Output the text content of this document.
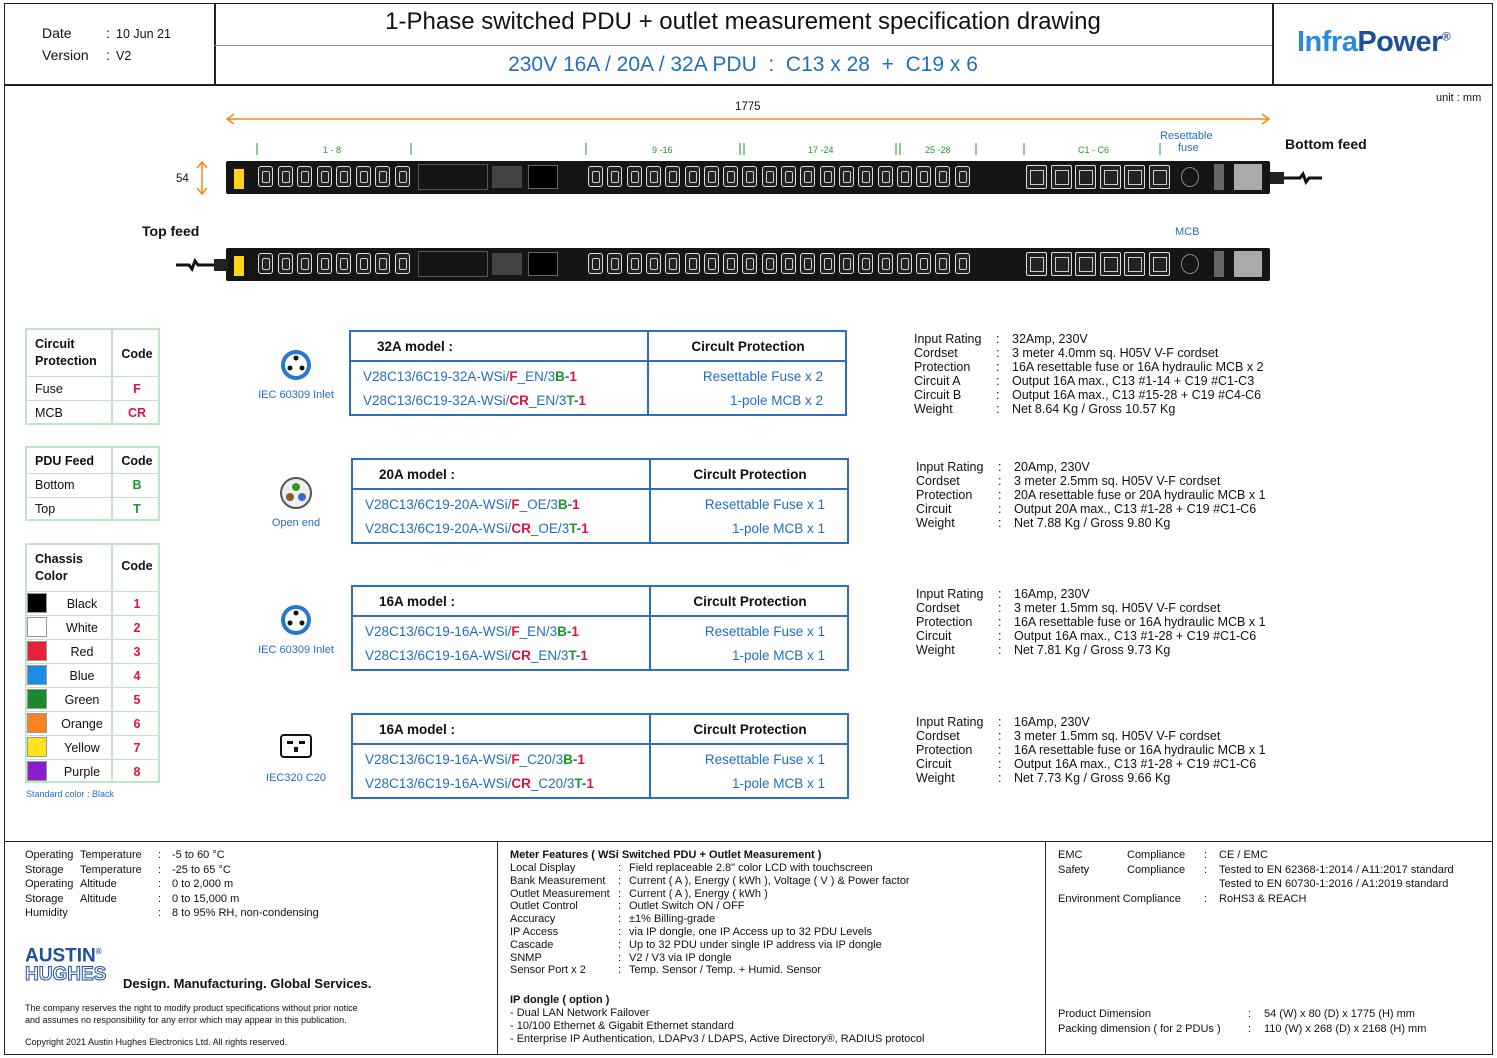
Date : 10 Jun 21
Version : V2
1-Phase switched PDU + outlet measurement specification drawing
230V 16A / 20A / 32A PDU  :  C13 x 28  +  C19 x 6
InfraPower®
unit : mm
1775
54
1 - 8	9 -16	17 -24	25 -28	C1 - C6
Resettable
fuse	Bottom feed
Top feed	MCB
Circuit
Protection	Code
Fuse	F
MCB	CR
PDU Feed	Code
Bottom	B
Top	T
Chassis
Color
Code
Black	1
White	2
Red	3
Blue	4
Green	5
Orange	6
Yellow	7
Purple	8
Standard color : Black
IEC 60309 Inlet
32A model :	Circult Protection
V28C13/6C19-32A-WSi/F_EN/3B-1	Resettable Fuse x 2
V28C13/6C19-32A-WSi/CR_EN/3T-1	1-pole MCB x 2
Input Rating : 32Amp, 230V
Cordset	: 3 meter 4.0mm sq. H05V V-F cordset
Protection : 16A resettable fuse or 16A hydraulic MCB x 2
Circuit A	: Output 16A max., C13 #1-14 + C19 #C1-C3
Circuit B	: Output 16A max., C13 #15-28 + C19 #C4-C6
Weight	: Net 8.64 Kg / Gross 10.57 Kg
Open end
20A model :	Circult Protection
V28C13/6C19-20A-WSi/F_OE/3B-1	Resettable Fuse x 1
V28C13/6C19-20A-WSi/CR_OE/3T-1	1-pole MCB x 1
Input Rating : 20Amp, 230V
Cordset	: 3 meter 2.5mm sq. H05V V-F cordset
Protection : 20A resettable fuse or 20A hydraulic MCB x 1
Circuit	: Output 20A max., C13 #1-28 + C19 #C1-C6
Weight	: Net 7.88 Kg / Gross 9.80 Kg
IEC 60309 Inlet
16A model :	Circult Protection
V28C13/6C19-16A-WSi/F_EN/3B-1	Resettable Fuse x 1
V28C13/6C19-16A-WSi/CR_EN/3T-1	1-pole MCB x 1
Input Rating : 16Amp, 230V
Cordset	: 3 meter 1.5mm sq. H05V V-F cordset
Protection : 16A resettable fuse or 16A hydraulic MCB x 1
Circuit	: Output 16A max., C13 #1-28 + C19 #C1-C6
Weight	: Net 7.81 Kg / Gross 9.73 Kg
IEC320 C20
16A model :	Circult Protection
V28C13/6C19-16A-WSi/F_C20/3B-1	Resettable Fuse x 1
V28C13/6C19-16A-WSi/CR_C20/3T-1	1-pole MCB x 1
Input Rating : 16Amp, 230V
Cordset	: 3 meter 1.5mm sq. H05V V-F cordset
Protection : 16A resettable fuse or 16A hydraulic MCB x 1
Circuit	: Output 16A max., C13 #1-28 + C19 #C1-C6
Weight	: Net 7.73 Kg / Gross 9.66 Kg
Operating Temperature : -5 to 60 °C
Storage Temperature : -25 to 65 °C
Operating Altitude	: 0 to 2,000 m
Storage Altitude	: 0 to 15,000 m
Humidity	: 8 to 95% RH, non-condensing
AUSTIN®
HUGHES Design. Manufacturing. Global Services.
The company reserves the right to modify product specifications without prior notice
and assumes no responsibility for any error which may appear in this publication.
Copyright 2021 Austin Hughes Electronics Ltd. All rights reserved.
Meter Features ( WSi Switched PDU + Outlet Measurement )
Local Display	: Field replaceable 2.8" color LCD with touchscreen
Bank Measurement : Current ( A ), Energy ( kWh ), Voltage ( V ) & Power factor
Outlet Measurement : Current ( A ), Energy ( kWh )
Outlet Control	: Outlet Switch ON / OFF
Accuracy	: ±1% Billing-grade
IP Access	: via IP dongle, one IP Access up to 32 PDU Levels
Cascade	: Up to 32 PDU under single IP address via IP dongle
SNMP	: V2 / V3 via IP dongle
Sensor Port x 2	: Temp. Sensor / Temp. + Humid. Sensor
IP dongle ( option )
- Dual LAN Network Failover
- 10/100 Ethernet & Gigabit Ethernet standard
- Enterprise IP Authentication, LDAPv3 / LDAPS, Active Directory®, RADIUS protocol
EMC	Compliance : CE / EMC
Safety	Compliance : Tested to EN 62368-1:2014 / A11:2017 standard
Tested to EN 60730-1:2016 / A1:2019 standard
Environment Compliance : RoHS3 & REACH
Product Dimension	: 54 (W) x 80 (D) x 1775 (H) mm
Packing dimension ( for 2 PDUs ) : 110 (W) x 268 (D) x 2168 (H) mm
